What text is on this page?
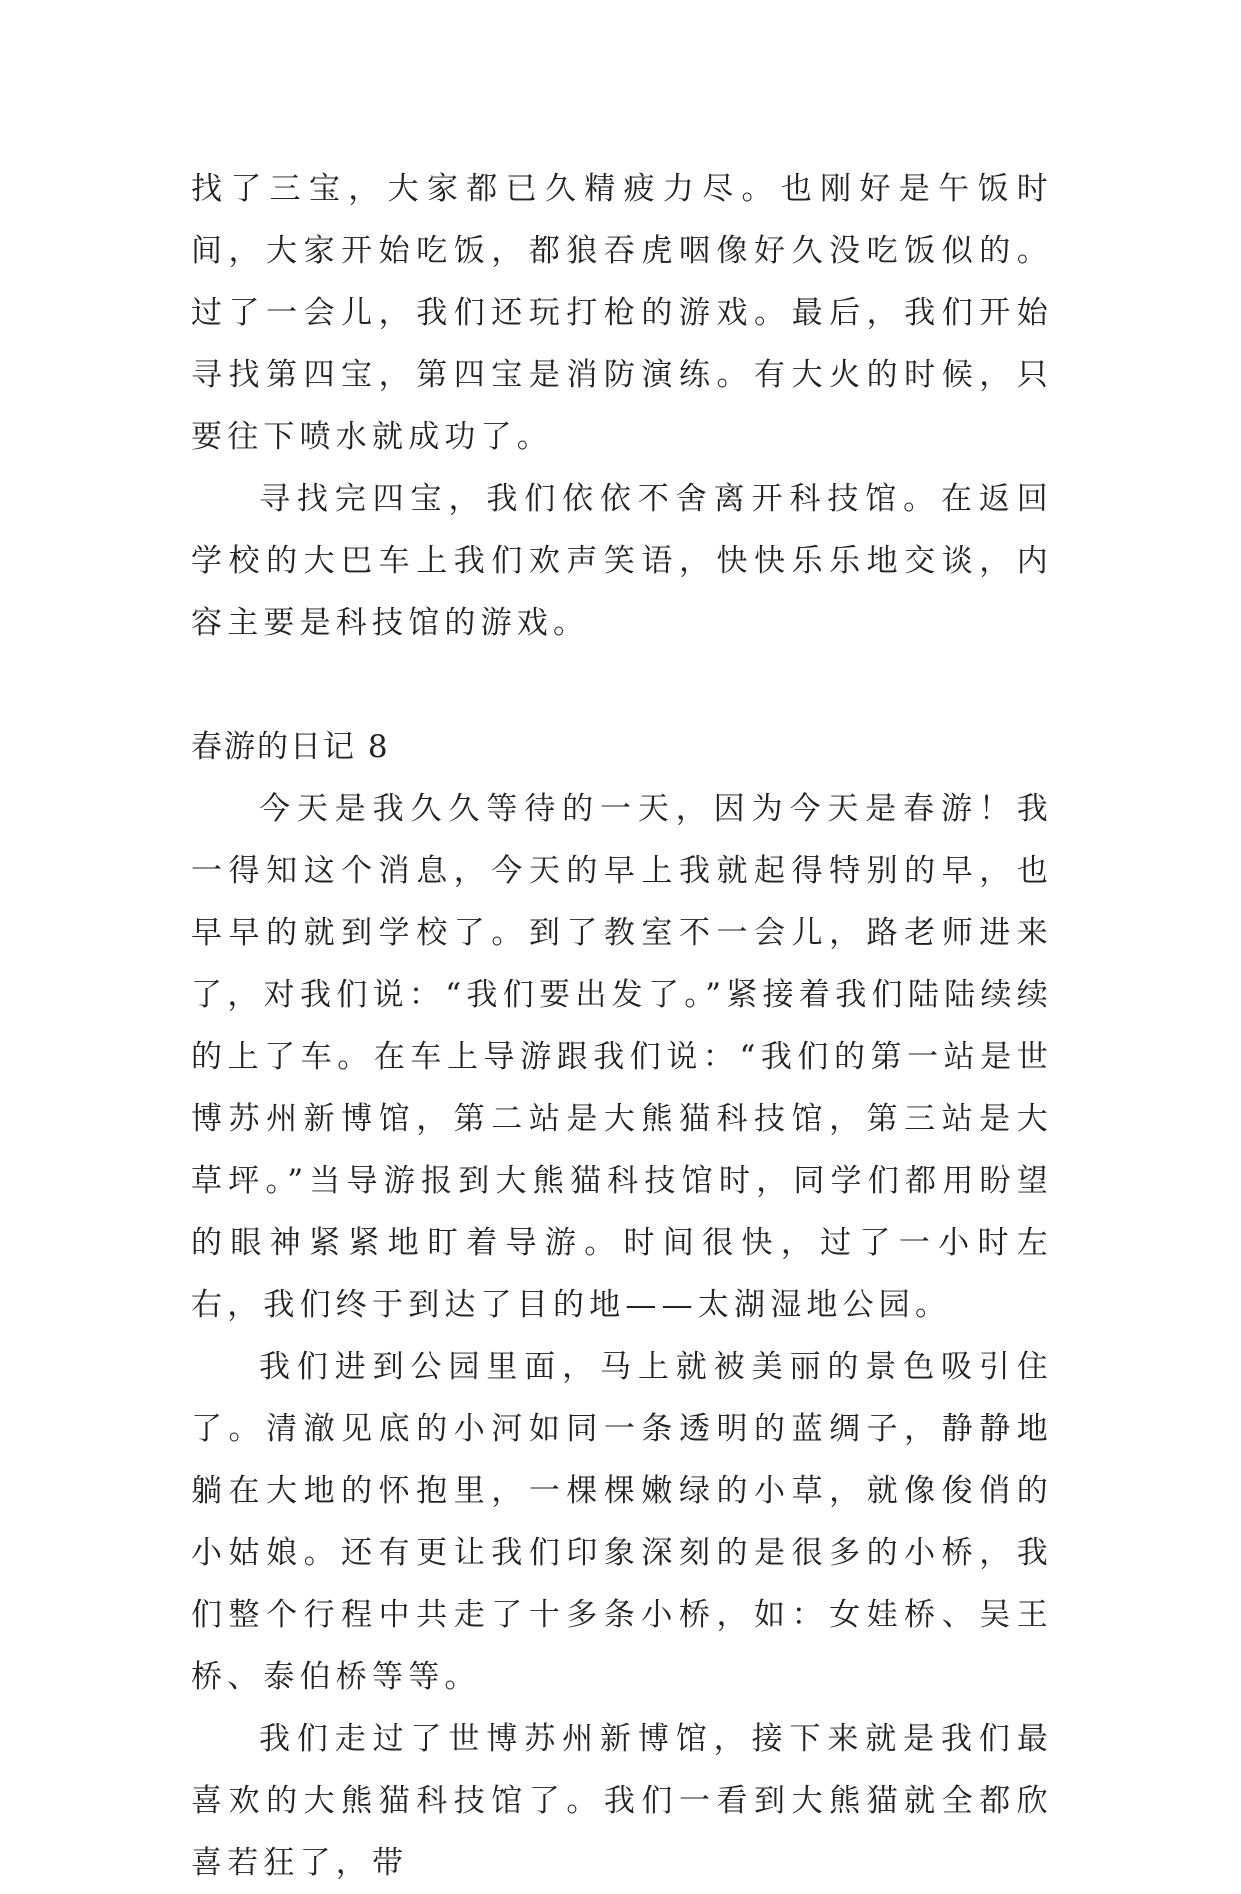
找了三宝，大家都已久精疲力尽。也刚好是午饭时间，大家开始吃饭，都狼吞虎咽像好久没吃饭似的。过了一会儿，我们还玩打枪的游戏。最后，我们开始寻找第四宝，第四宝是消防演练。有大火的时候，只要往下喷水就成功了。

寻找完四宝，我们依依不舍离开科技馆。在返回学校的大巴车上我们欢声笑语，快快乐乐地交谈，内容主要是科技馆的游戏。

春游的日记 8

今天是我久久等待的一天，因为今天是春游！我一得知这个消息，今天的早上我就起得特别的早，也早早的就到学校了。到了教室不一会儿，路老师进来了，对我们说：“我们要出发了。”紧接着我们陆陆续续的上了车。在车上导游跟我们说：“我们的第一站是世博苏州新博馆，第二站是大熊猫科技馆，第三站是大草坪。”当导游报到大熊猫科技馆时，同学们都用盼望的眼神紧紧地盯着导游。时间很快，过了一小时左右，我们终于到达了目的地——太湖湿地公园。

我们进到公园里面，马上就被美丽的景色吸引住了。清澈见底的小河如同一条透明的蓝绸子，静静地躺在大地的怀抱里，一棵棵嫩绿的小草，就像俊俏的小姑娘。还有更让我们印象深刻的是很多的小桥，我们整个行程中共走了十多条小桥，如：女娃桥、吴王桥、泰伯桥等等。

我们走过了世博苏州新博馆，接下来就是我们最喜欢的大熊猫科技馆了。我们一看到大熊猫就全都欣喜若狂了，带
